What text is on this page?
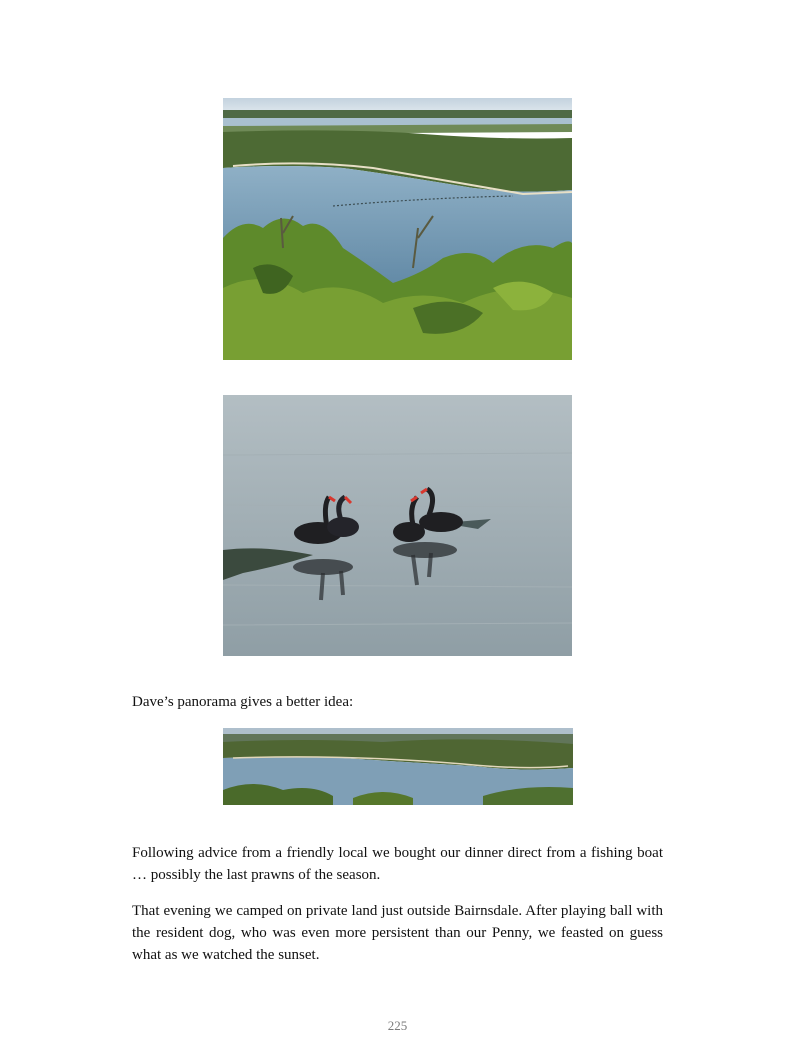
Dave’s panorama gives a better idea:

Following advice from a friendly local we bought our dinner direct from a fishing boat … possibly the last prawns of the season.

That evening we camped on private land just outside Bairnsdale. After playing ball with the resident dog, who was even more persistent than our Penny, we feasted on guess what as we watched the sunset.

225
